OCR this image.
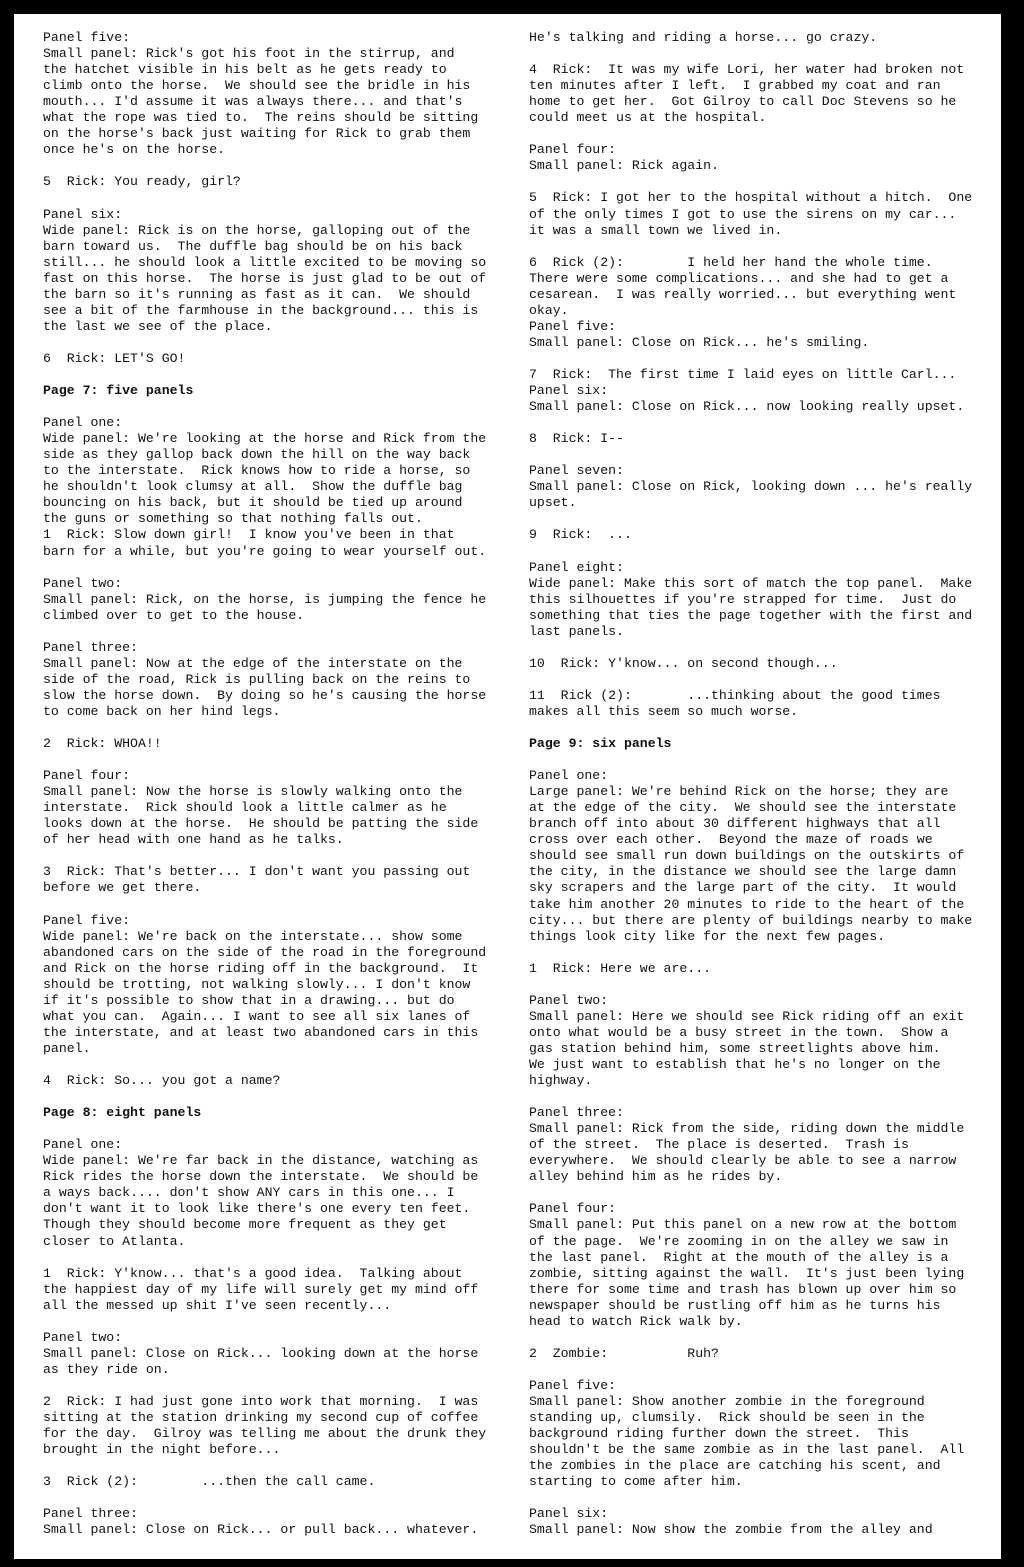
Panel five:
Small panel: Rick's got his foot in the stirrup, and
the hatchet visible in his belt as he gets ready to
climb onto the horse.  We should see the bridle in his
mouth... I'd assume it was always there... and that's
what the rope was tied to.  The reins should be sitting
on the horse's back just waiting for Rick to grab them
once he's on the horse.
5  Rick: You ready, girl?
Panel six:
Wide panel: Rick is on the horse, galloping out of the
barn toward us.  The duffle bag should be on his back
still... he should look a little excited to be moving so
fast on this horse.  The horse is just glad to be out of
the barn so it's running as fast as it can.  We should
see a bit of the farmhouse in the background... this is
the last we see of the place.
6  Rick: LET'S GO!
Page 7: five panels
Panel one:
Wide panel: We're looking at the horse and Rick from the
side as they gallop back down the hill on the way back
to the interstate.  Rick knows how to ride a horse, so
he shouldn't look clumsy at all.  Show the duffle bag
bouncing on his back, but it should be tied up around
the guns or something so that nothing falls out.
1  Rick: Slow down girl!  I know you've been in that
barn for a while, but you're going to wear yourself out.
Panel two:
Small panel: Rick, on the horse, is jumping the fence he
climbed over to get to the house.
Panel three:
Small panel: Now at the edge of the interstate on the
side of the road, Rick is pulling back on the reins to
slow the horse down.  By doing so he's causing the horse
to come back on her hind legs.
2  Rick: WHOA!!
Panel four:
Small panel: Now the horse is slowly walking onto the
interstate.  Rick should look a little calmer as he
looks down at the horse.  He should be patting the side
of her head with one hand as he talks.
3  Rick: That's better... I don't want you passing out
before we get there.
Panel five:
Wide panel: We're back on the interstate... show some
abandoned cars on the side of the road in the foreground
and Rick on the horse riding off in the background.  It
should be trotting, not walking slowly... I don't know
if it's possible to show that in a drawing... but do
what you can.  Again... I want to see all six lanes of
the interstate, and at least two abandoned cars in this
panel.
4  Rick: So... you got a name?
Page 8: eight panels
Panel one:
Wide panel: We're far back in the distance, watching as
Rick rides the horse down the interstate.  We should be
a ways back.... don't show ANY cars in this one... I
don't want it to look like there's one every ten feet.
Though they should become more frequent as they get
closer to Atlanta.
1  Rick: Y'know... that's a good idea.  Talking about
the happiest day of my life will surely get my mind off
all the messed up shit I've seen recently...
Panel two:
Small panel: Close on Rick... looking down at the horse
as they ride on.
2  Rick: I had just gone into work that morning.  I was
sitting at the station drinking my second cup of coffee
for the day.  Gilroy was telling me about the drunk they
brought in the night before...
3  Rick (2):        ...then the call came.
Panel three:
Small panel: Close on Rick... or pull back... whatever.
He's talking and riding a horse... go crazy.
4  Rick:  It was my wife Lori, her water had broken not
ten minutes after I left.  I grabbed my coat and ran
home to get her.  Got Gilroy to call Doc Stevens so he
could meet us at the hospital.
Panel four:
Small panel: Rick again.
5  Rick: I got her to the hospital without a hitch.  One
of the only times I got to use the sirens on my car...
it was a small town we lived in.
6  Rick (2):        I held her hand the whole time.
There were some complications... and she had to get a
cesarean.  I was really worried... but everything went
okay.
Panel five:
Small panel: Close on Rick... he's smiling.
7  Rick:  The first time I laid eyes on little Carl...
Panel six:
Small panel: Close on Rick... now looking really upset.
8  Rick: I--
Panel seven:
Small panel: Close on Rick, looking down ... he's really
upset.
9  Rick:  ...
Panel eight:
Wide panel: Make this sort of match the top panel.  Make
this silhouettes if you're strapped for time.  Just do
something that ties the page together with the first and
last panels.
10  Rick: Y'know... on second though...
11  Rick (2):       ...thinking about the good times
makes all this seem so much worse.
Page 9: six panels
Panel one:
Large panel: We're behind Rick on the horse; they are
at the edge of the city.  We should see the interstate
branch off into about 30 different highways that all
cross over each other.  Beyond the maze of roads we
should see small run down buildings on the outskirts of
the city, in the distance we should see the large damn
sky scrapers and the large part of the city.  It would
take him another 20 minutes to ride to the heart of the
city... but there are plenty of buildings nearby to make
things look city like for the next few pages.
1  Rick: Here we are...
Panel two:
Small panel: Here we should see Rick riding off an exit
onto what would be a busy street in the town.  Show a
gas station behind him, some streetlights above him.
We just want to establish that he's no longer on the
highway.
Panel three:
Small panel: Rick from the side, riding down the middle
of the street.  The place is deserted.  Trash is
everywhere.  We should clearly be able to see a narrow
alley behind him as he rides by.
Panel four:
Small panel: Put this panel on a new row at the bottom
of the page.  We're zooming in on the alley we saw in
the last panel.  Right at the mouth of the alley is a
zombie, sitting against the wall.  It's just been lying
there for some time and trash has blown up over him so
newspaper should be rustling off him as he turns his
head to watch Rick walk by.
2  Zombie:          Ruh?
Panel five:
Small panel: Show another zombie in the foreground
standing up, clumsily.  Rick should be seen in the
background riding further down the street.  This
shouldn't be the same zombie as in the last panel.  All
the zombies in the place are catching his scent, and
starting to come after him.
Panel six:
Small panel: Now show the zombie from the alley and
